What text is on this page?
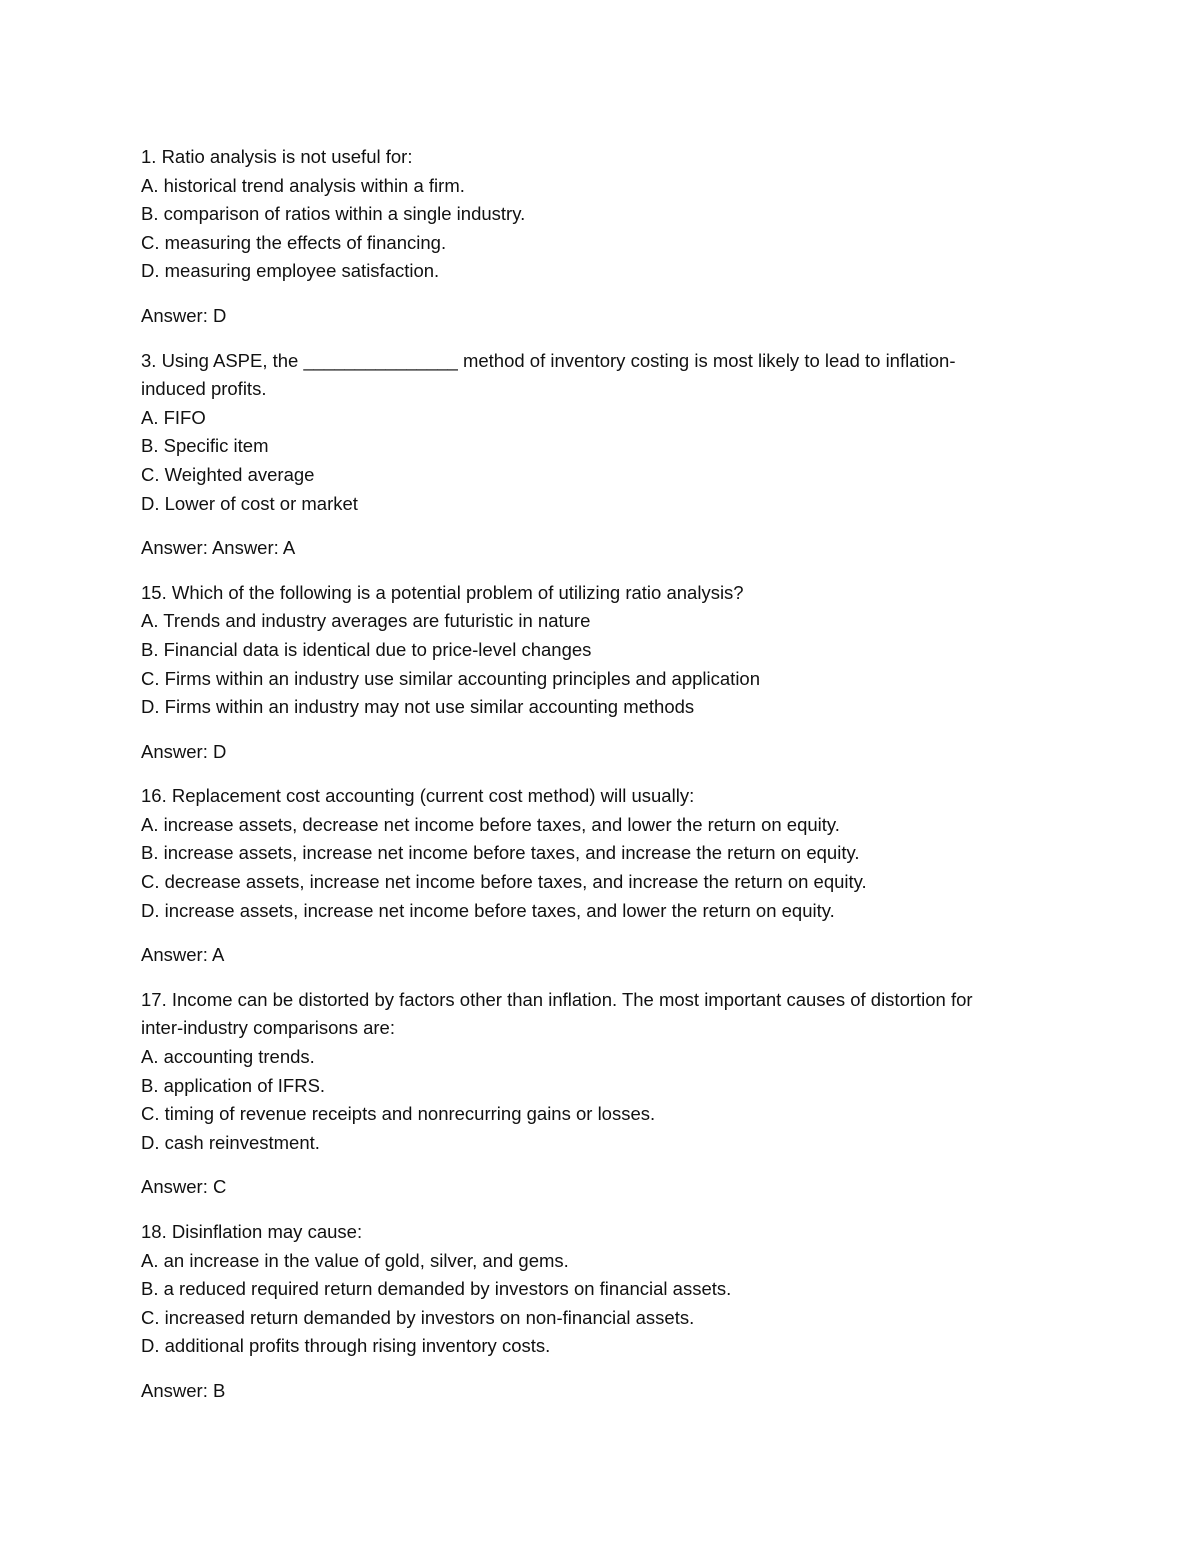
1. Ratio analysis is not useful for:

A. historical trend analysis within a firm.

B. comparison of ratios within a single industry.

C. measuring the effects of financing.

D. measuring employee satisfaction.

Answer: D

3. Using ASPE, the _______________ method of inventory costing is most likely to lead to inflation-

induced profits.

A. FIFO

B. Specific item

C. Weighted average

D. Lower of cost or market

Answer: Answer: A

15. Which of the following is a potential problem of utilizing ratio analysis?

A. Trends and industry averages are futuristic in nature

B. Financial data is identical due to price-level changes

C. Firms within an industry use similar accounting principles and application

D. Firms within an industry may not use similar accounting methods

Answer: D

16. Replacement cost accounting (current cost method) will usually:

A. increase assets, decrease net income before taxes, and lower the return on equity.

B. increase assets, increase net income before taxes, and increase the return on equity.

C. decrease assets, increase net income before taxes, and increase the return on equity.

D. increase assets, increase net income before taxes, and lower the return on equity.

Answer: A

17. Income can be distorted by factors other than inflation. The most important causes of distortion for

inter-industry comparisons are:

A. accounting trends.

B. application of IFRS.

C. timing of revenue receipts and nonrecurring gains or losses.

D. cash reinvestment.

Answer: C

18. Disinflation may cause:

A. an increase in the value of gold, silver, and gems.

B. a reduced required return demanded by investors on financial assets.

C. increased return demanded by investors on non-financial assets.

D. additional profits through rising inventory costs.

Answer: B
